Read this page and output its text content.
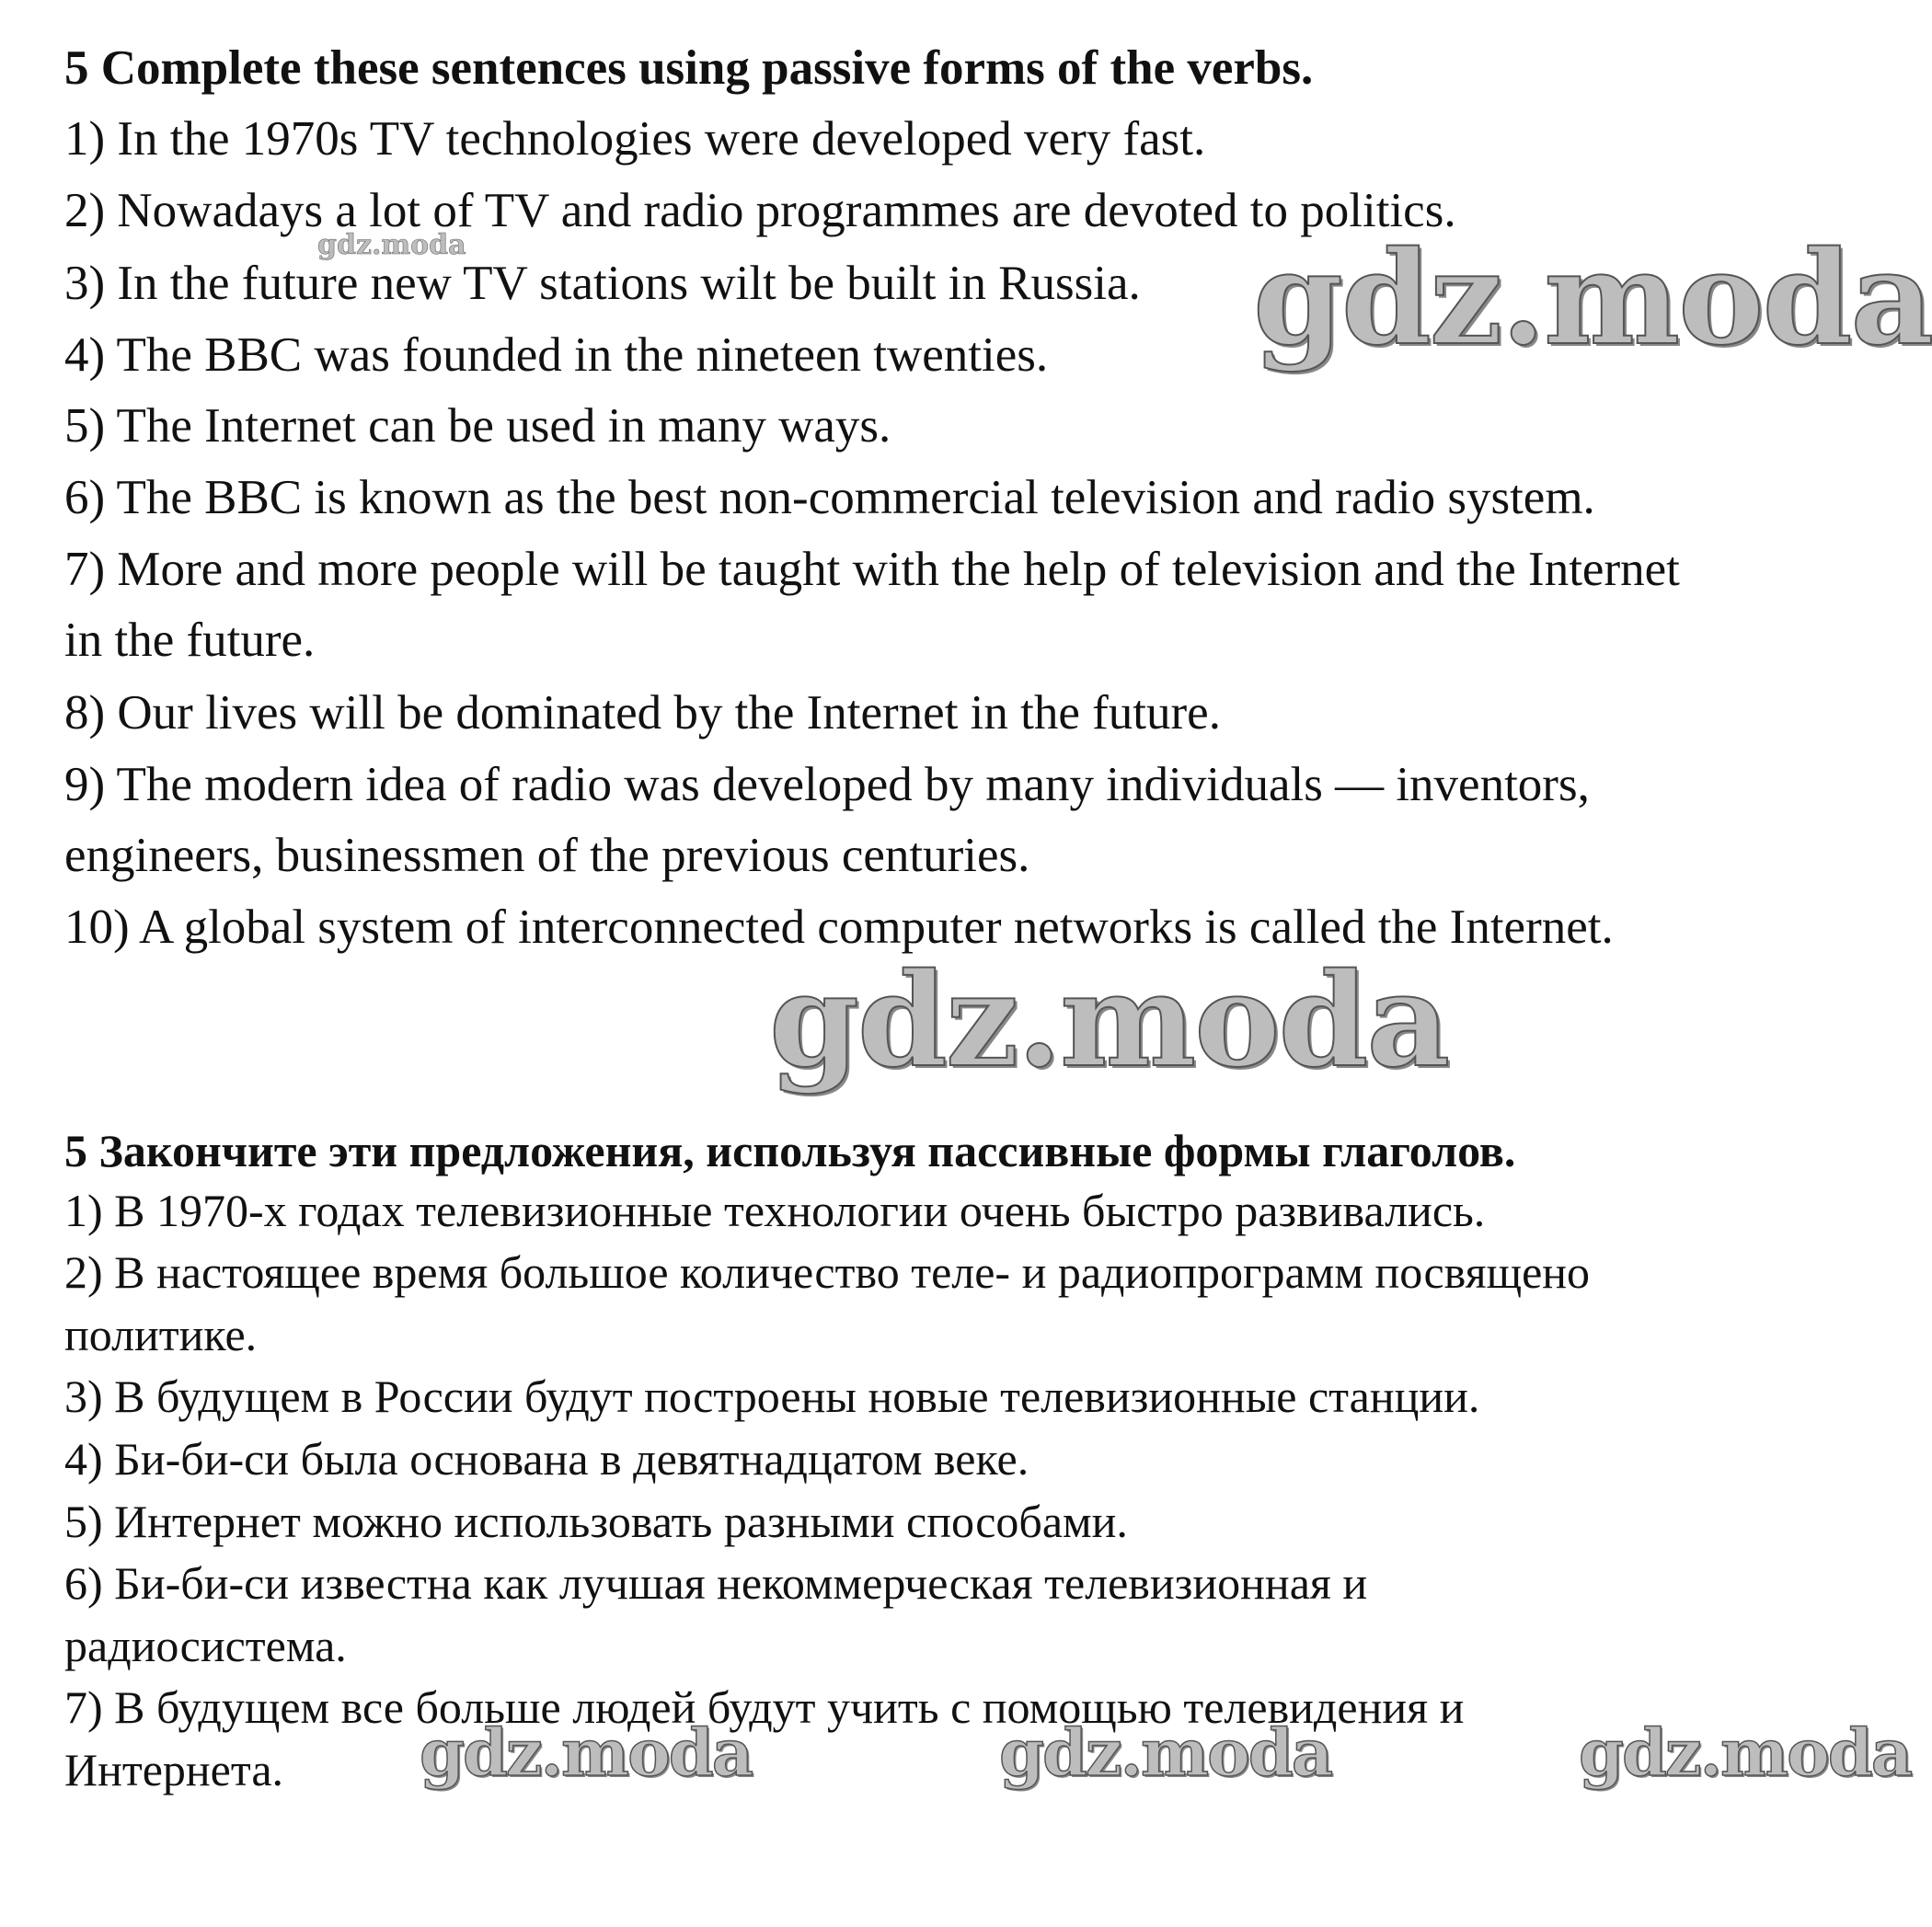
5 Complete these sentences using passive forms of the verbs.
1) In the 1970s TV technologies were developed very fast.
2) Nowadays a lot of TV and radio programmes are devoted to politics.
3) In the future new TV stations wilt be built in Russia.
4) The BBC was founded in the nineteen twenties.
5) The Internet can be used in many ways.
6) The BBC is known as the best non-commercial television and radio system.
7) More and more people will be taught with the help of television and the Internet
in the future.
8) Our lives will be dominated by the Internet in the future.
9) The modern idea of radio was developed by many individuals — inventors,
engineers, businessmen of the previous centuries.
10) A global system of interconnected computer networks is called the Internet.
5 Закончите эти предложения, используя пассивные формы глаголов.
1) В 1970-х годах телевизионные технологии очень быстро развивались.
2) В настоящее время большое количество теле- и радиопрограмм посвящено
политике.
3) В будущем в России будут построены новые телевизионные станции.
4) Би-би-си была основана в девятнадцатом веке.
5) Интернет можно использовать разными способами.
6) Би-би-си известна как лучшая некоммерческая телевизионная и
радиосистема.
7) В будущем все больше людей будут учить с помощью телевидения и
Интернета.
gdz.moda	gdz.moda
gdz.moda
gdz.moda	gdz.moda	gdz.moda
